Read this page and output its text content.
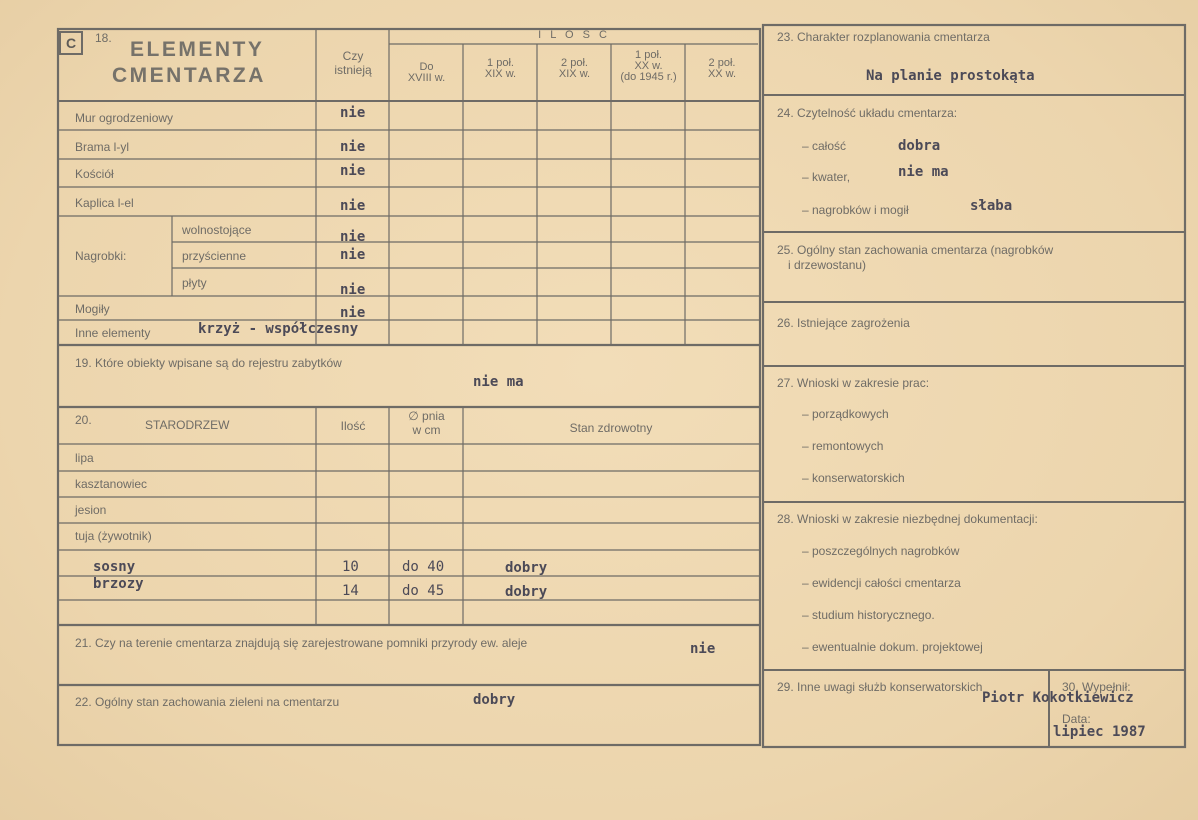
C	18. ELEMENTY
CMENTARZA
Czy
istnieją
I L O Ś Ć
Do
XVIII w.
1 poł.
XIX w.
2 poł.
XIX w.
1 poł.
XX w.
(do 1945 r.)
2 poł.
XX w.
Mur ogrodzeniowy	nie
Brama l-yl	nie
Kościół	nie
Kaplica l-el	nie
Nagrobki:
wolnostojące	nie
przyścienne	nie
płyty	nie
Mogiły	nie
Inne elementy	krzyż - współczesny
19. Które obiekty wpisane są do rejestru zabytków
nie ma
20.	STARODRZEW	Ilość
∅ pnia
w cm	Stan zdrowotny
lipa
kasztanowiec
jesion
tuja (żywotnik)
sosny	10	do 40	dobry
brzozy	14	do 45	dobry
21. Czy na terenie cmentarza znajdują się zarejestrowane pomniki przyrody ew. aleje	nie
22. Ogólny stan zachowania zieleni na cmentarzu	dobry
23. Charakter rozplanowania cmentarza
Na planie prostokąta
24. Czytelność układu cmentarza:
– całość	dobra
– kwater,	nie ma
– nagrobków i mogił	słaba
25. Ogólny stan zachowania cmentarza (nagrobków
i drzewostanu)
26. Istniejące zagrożenia
27. Wnioski w zakresie prac:
– porządkowych
– remontowych
– konserwatorskich
28. Wnioski w zakresie niezbędnej dokumentacji:
– poszczególnych nagrobków
– ewidencji całości cmentarza
– studium historycznego.
– ewentualnie dokum. projektowej
29. Inne uwagi służb konserwatorskich	30. Wypełnił:
Piotr Kokotkiewicz
Data:
lipiec 1987
